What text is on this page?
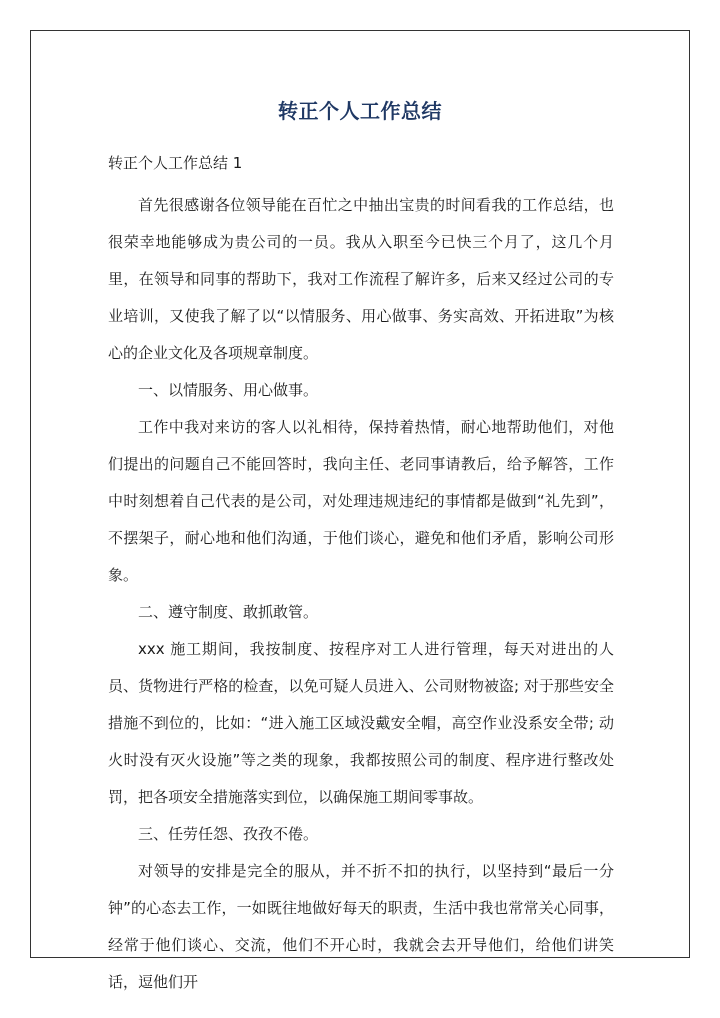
转正个人工作总结
转正个人工作总结 1

首先很感谢各位领导能在百忙之中抽出宝贵的时间看我的工作总结，也很荣幸地能够成为贵公司的一员。我从入职至今已快三个月了，这几个月里，在领导和同事的帮助下，我对工作流程了解许多，后来又经过公司的专业培训，又使我了解了以“以情服务、用心做事、务实高效、开拓进取”为核心的企业文化及各项规章制度。

一、以情服务、用心做事。

工作中我对来访的客人以礼相待，保持着热情，耐心地帮助他们，对他们提出的问题自己不能回答时，我向主任、老同事请教后，给予解答，工作中时刻想着自己代表的是公司，对处理违规违纪的事情都是做到“礼先到”，不摆架子，耐心地和他们沟通，于他们谈心，避免和他们矛盾，影响公司形象。

二、遵守制度、敢抓敢管。

xxx 施工期间，我按制度、按程序对工人进行管理，每天对进出的人员、货物进行严格的检查，以免可疑人员进入、公司财物被盗; 对于那些安全措施不到位的，比如：“进入施工区域没戴安全帽，高空作业没系安全带; 动火时没有灭火设施”等之类的现象，我都按照公司的制度、程序进行整改处罚，把各项安全措施落实到位，以确保施工期间零事故。

三、任劳任怨、孜孜不倦。

对领导的安排是完全的服从，并不折不扣的执行，以坚持到“最后一分钟”的心态去工作，一如既往地做好每天的职责，生活中我也常常关心同事，经常于他们谈心、交流，他们不开心时，我就会去开导他们，给他们讲笑话，逗他们开
